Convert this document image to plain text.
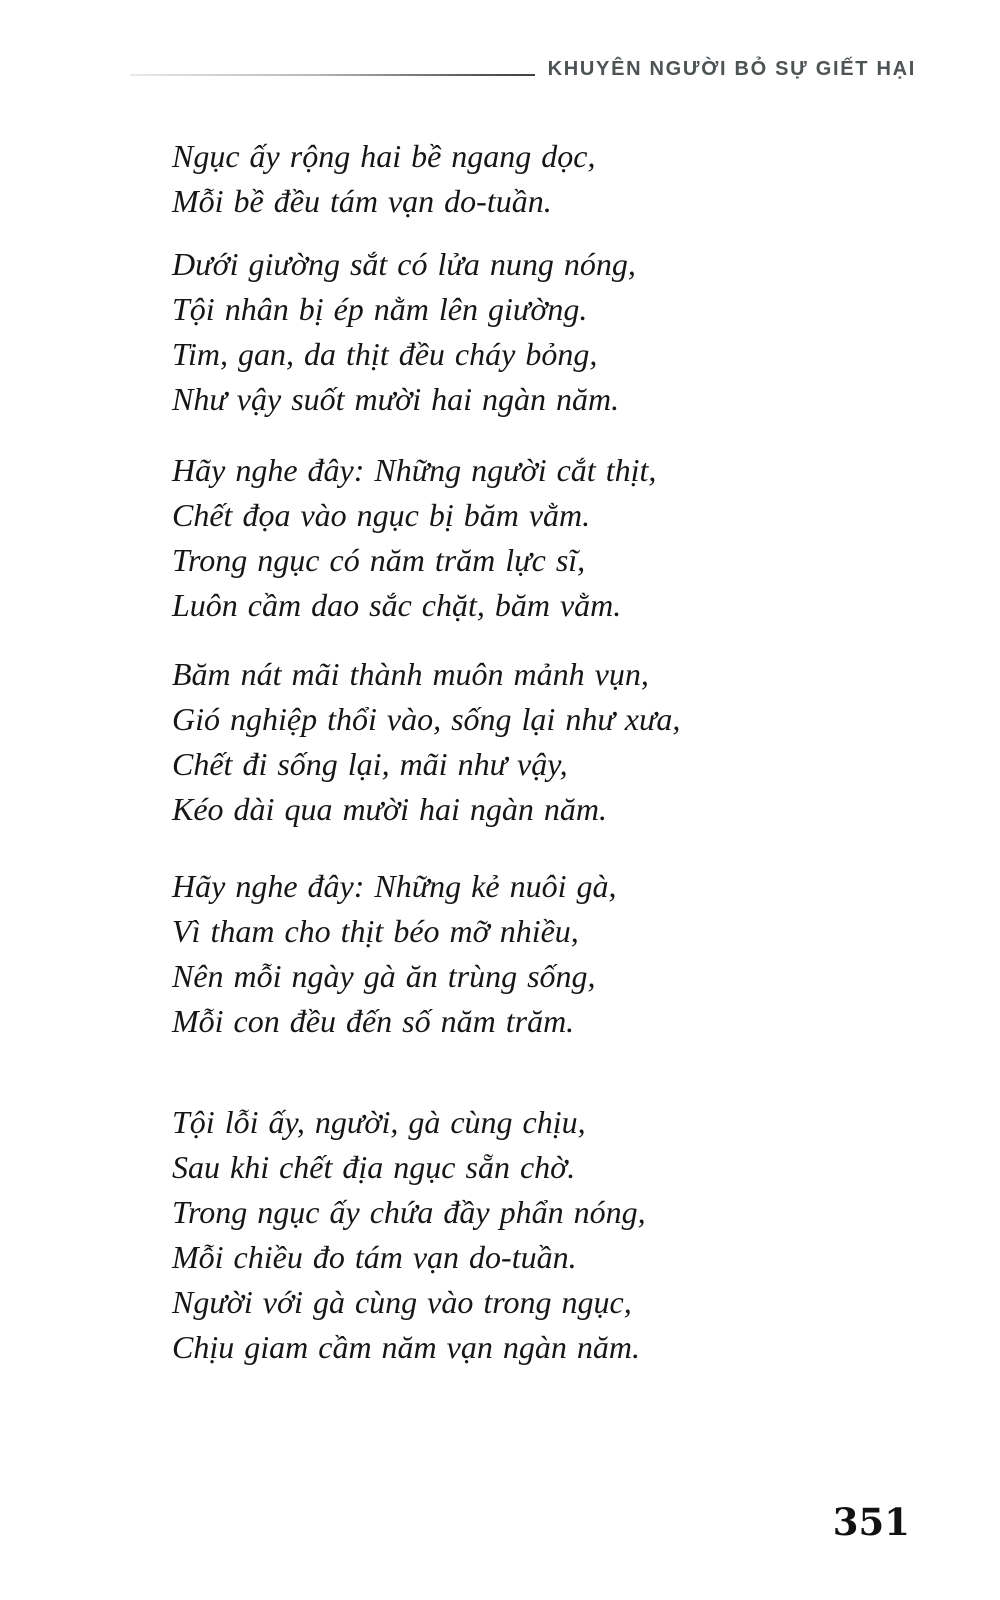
KHUYÊN NGƯỜI BỎ SỰ GIẾT HẠI
Ngục ấy rộng hai bề ngang dọc,
Mỗi bề đều tám vạn do-tuần.
Dưới giường sắt có lửa nung nóng,
Tội nhân bị ép nằm lên giường.
Tim, gan, da thịt đều cháy bỏng,
Như vậy suốt mười hai ngàn năm.
Hãy nghe đây: Những người cắt thịt,
Chết đọa vào ngục bị băm vằm.
Trong ngục có năm trăm lực sĩ,
Luôn cầm dao sắc chặt, băm vằm.
Băm nát mãi thành muôn mảnh vụn,
Gió nghiệp thổi vào, sống lại như xưa,
Chết đi sống lại, mãi như vậy,
Kéo dài qua mười hai ngàn năm.
Hãy nghe đây: Những kẻ nuôi gà,
Vì tham cho thịt béo mỡ nhiều,
Nên mỗi ngày gà ăn trùng sống,
Mỗi con đều đến số năm trăm.
Tội lỗi ấy, người, gà cùng chịu,
Sau khi chết địa ngục sẵn chờ.
Trong ngục ấy chứa đầy phẩn nóng,
Mỗi chiều đo tám vạn do-tuần.
Người với gà cùng vào trong ngục,
Chịu giam cầm năm vạn ngàn năm.
351
